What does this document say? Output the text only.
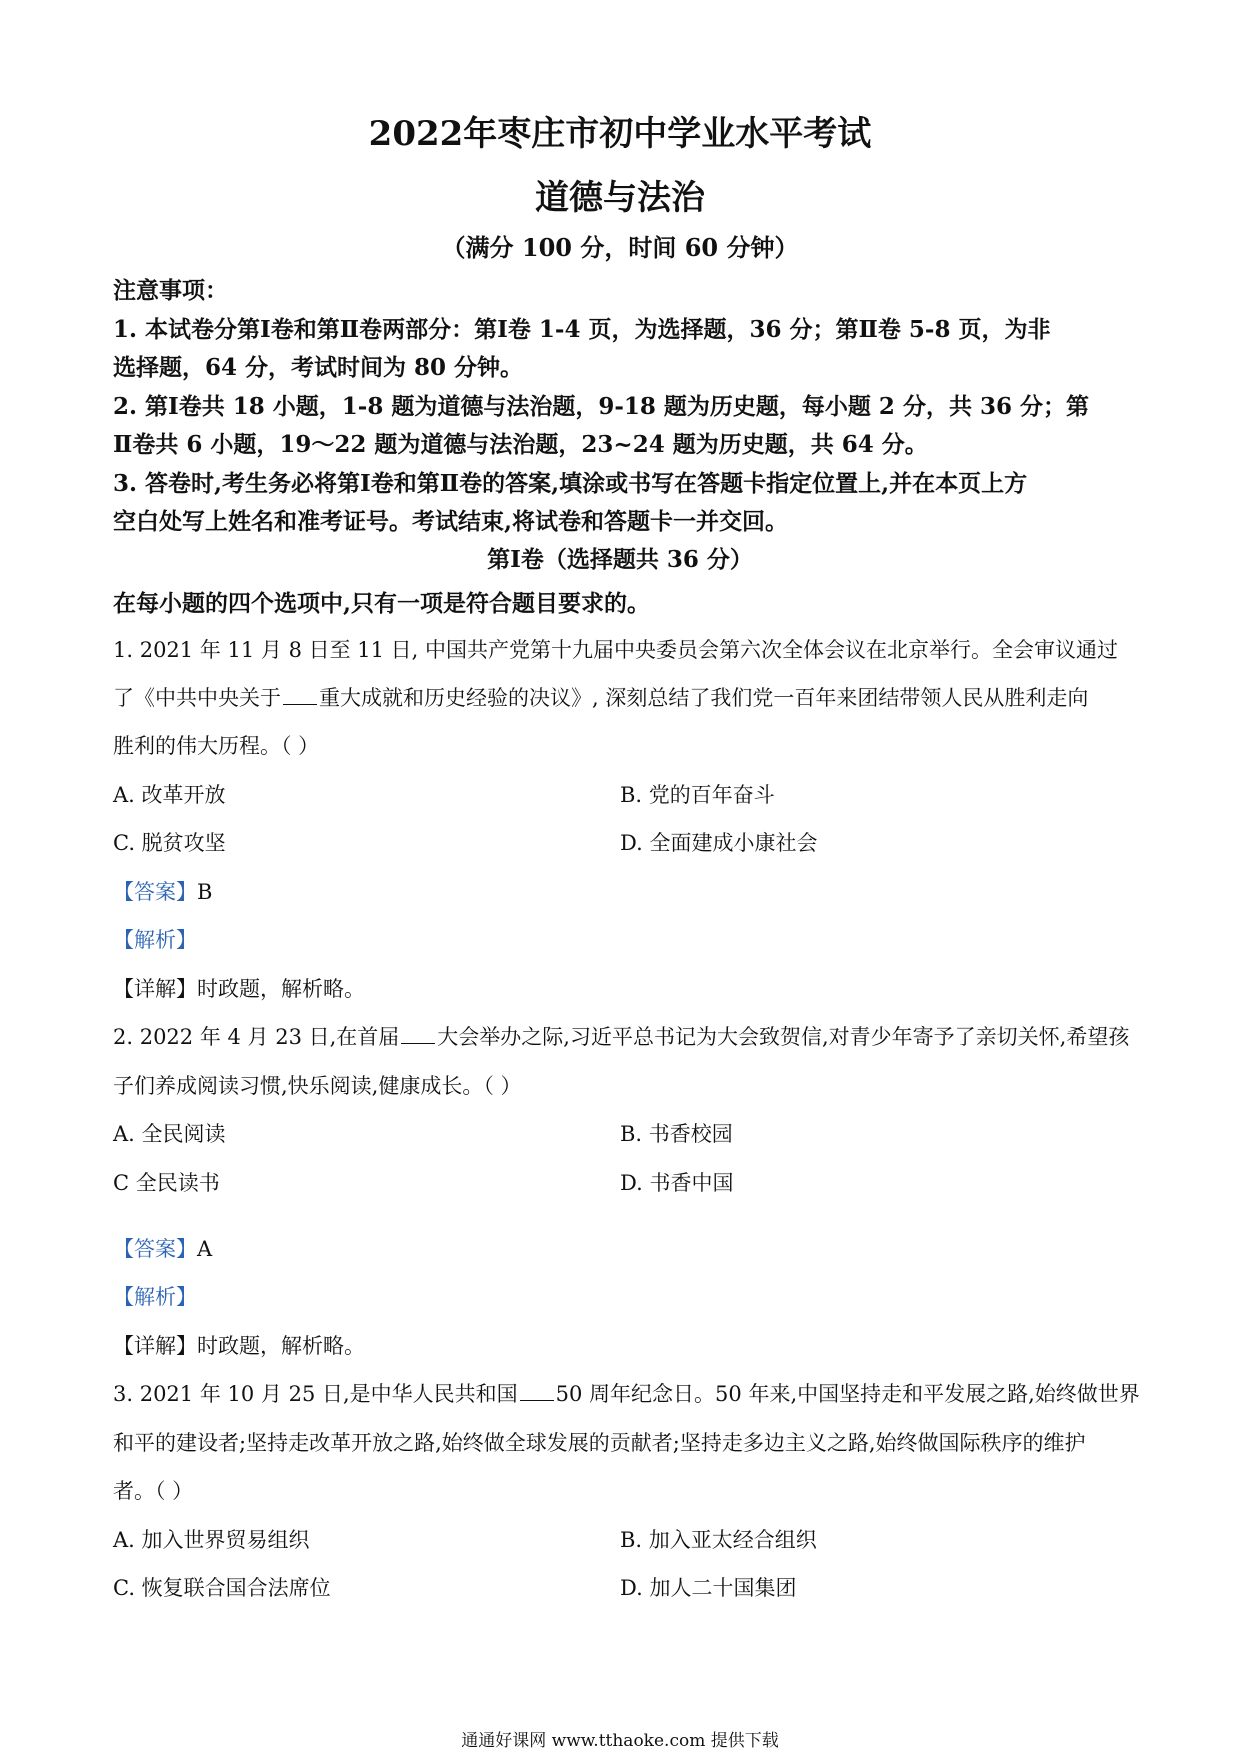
2022年枣庄市初中学业水平考试
道德与法治
（满分 100 分，时间 60 分钟）
注意事项：
1. 本试卷分第Ⅰ卷和第Ⅱ卷两部分：第Ⅰ卷 1-4 页，为选择题，36 分；第Ⅱ卷 5-8 页，为非
选择题，64 分，考试时间为 80 分钟。
2. 第Ⅰ卷共 18 小题，1-8 题为道德与法治题，9-18 题为历史题，每小题 2 分，共 36 分；第
Ⅱ卷共 6 小题，19～22 题为道德与法治题，23~24 题为历史题，共 64 分。
3. 答卷时,考生务必将第Ⅰ卷和第Ⅱ卷的答案,填涂或书写在答题卡指定位置上,并在本页上方
空白处写上姓名和准考证号。考试结束,将试卷和答题卡一并交回。
第Ⅰ卷（选择题共 36 分）
在每小题的四个选项中,只有一项是符合题目要求的。
1. 2021 年 11 月 8 日至 11 日, 中国共产党第十九届中央委员会第六次全体会议在北京举行。全会审议通过
了《中共中央关于 重大成就和历史经验的决议》, 深刻总结了我们党一百年来团结带领人民从胜利走向
胜利的伟大历程。（ ）
A. 改革开放	B. 党的百年奋斗
C. 脱贫攻坚	D. 全面建成小康社会
【答案】B
【解析】
【详解】时政题，解析略。
2. 2022 年 4 月 23 日,在首届 大会举办之际,习近平总书记为大会致贺信,对青少年寄予了亲切关怀,希望孩
子们养成阅读习惯,快乐阅读,健康成长。（ ）
A. 全民阅读	B. 书香校园
C 全民读书	D. 书香中国
【答案】A
【解析】
【详解】时政题，解析略。
3. 2021 年 10 月 25 日,是中华人民共和国 50 周年纪念日。50 年来,中国坚持走和平发展之路,始终做世界
和平的建设者;坚持走改革开放之路,始终做全球发展的贡献者;坚持走多边主义之路,始终做国际秩序的维护
者。（ ）
A. 加入世界贸易组织	B. 加入亚太经合组织
C. 恢复联合国合法席位	D. 加人二十国集团
通通好课网 www.tthaoke.com 提供下载
